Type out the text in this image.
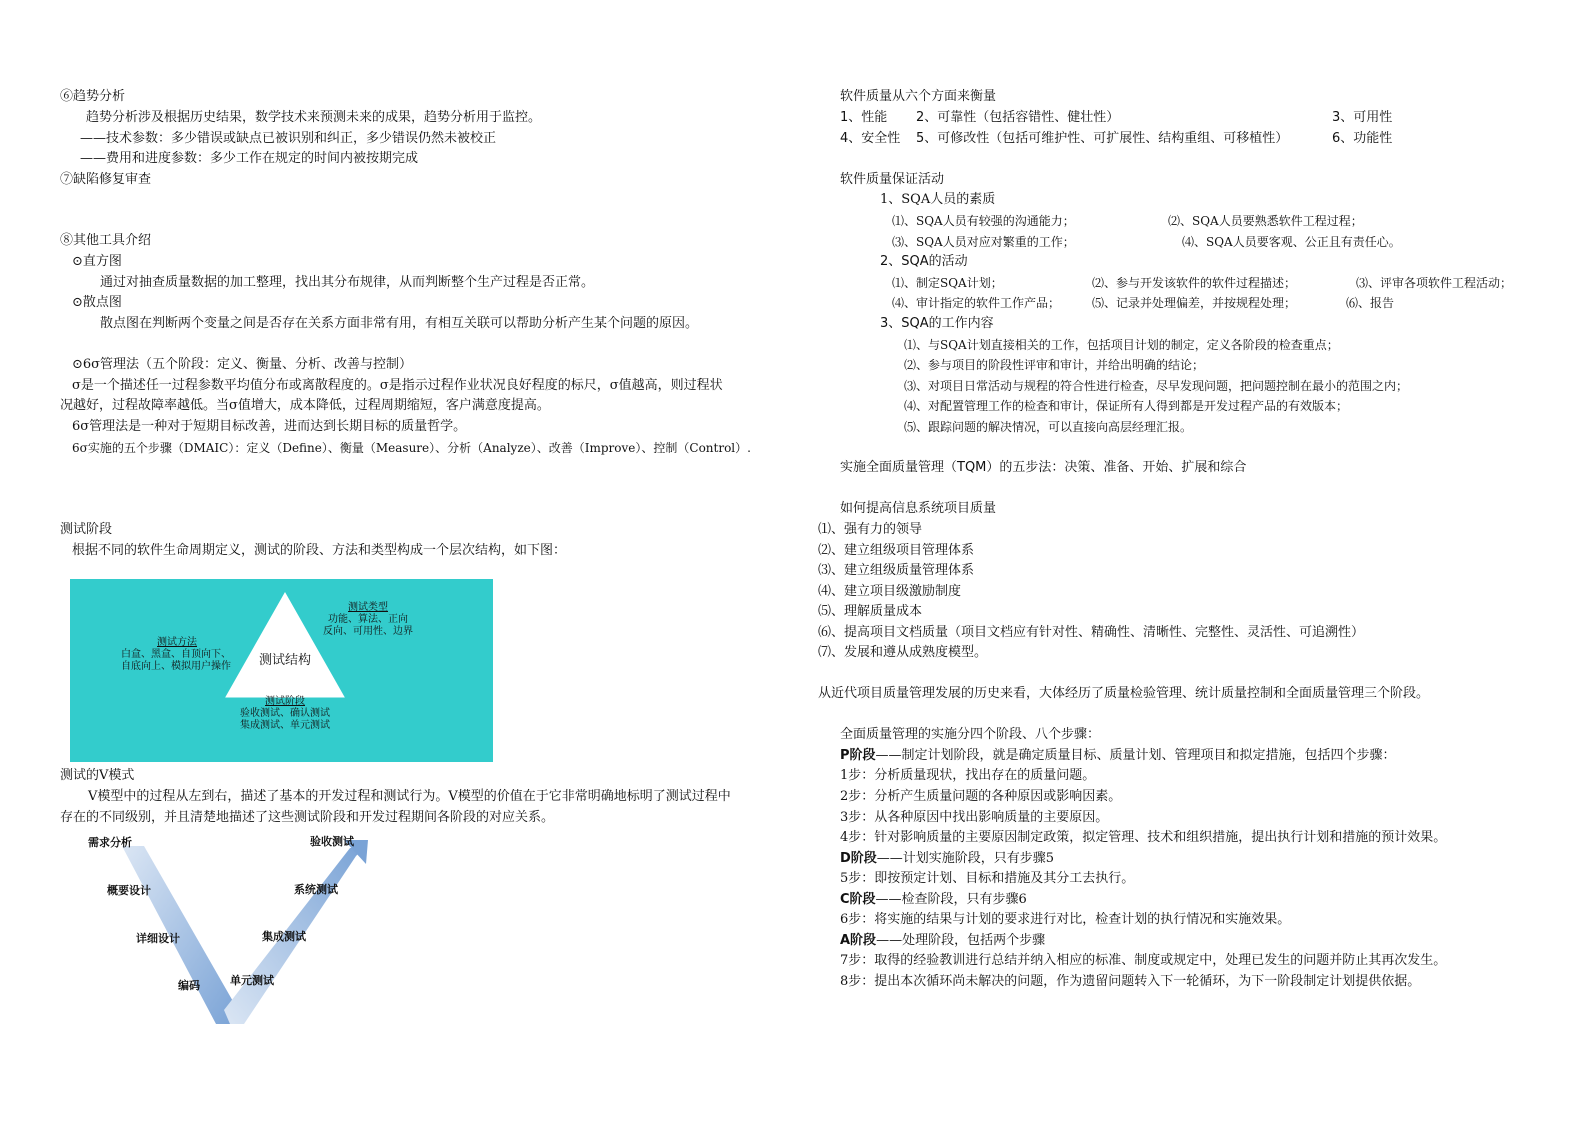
⑥趋势分析
趋势分析涉及根据历史结果，数学技术来预测未来的成果，趋势分析用于监控。
——技术参数：多少错误或缺点已被识别和纠正，多少错误仍然未被校正
——费用和进度参数：多少工作在规定的时间内被按期完成
⑦缺陷修复审查
⑧其他工具介绍
⊙直方图
通过对抽查质量数据的加工整理，找出其分布规律，从而判断整个生产过程是否正常。
⊙散点图
散点图在判断两个变量之间是否存在关系方面非常有用，有相互关联可以帮助分析产生某个问题的原因。
⊙6σ管理法（五个阶段：定义、衡量、分析、改善与控制）
σ是一个描述任一过程参数平均值分布或离散程度的。σ是指示过程作业状况良好程度的标尺，σ值越高，则过程状
况越好，过程故障率越低。当σ值增大，成本降低，过程周期缩短，客户满意度提高。
6σ管理法是一种对于短期目标改善，进而达到长期目标的质量哲学。
6σ实施的五个步骤（DMAIC）：定义（Define）、衡量（Measure）、分析（Analyze）、改善（Improve）、控制（Control）.
测试阶段
根据不同的软件生命周期定义，测试的阶段、方法和类型构成一个层次结构，如下图：
测试结构
测试类型
功能、算法、正向
反向、可用性、边界
测试方法
白盒、黑盒、自顶向下、
自底向上、模拟用户操作
测试阶段
验收测试、确认测试
集成测试、单元测试
测试的V模式
V模型中的过程从左到右，描述了基本的开发过程和测试行为。V模型的价值在于它非常明确地标明了测试过程中
存在的不同级别，并且清楚地描述了这些测试阶段和开发过程期间各阶段的对应关系。
需求分析
概要设计
详细设计
编码	单元测试
集成测试
系统测试
验收测试
软件质量从六个方面来衡量
1、性能 2、可靠性（包括容错性、健壮性）	3、可用性
4、安全性 5、可修改性（包括可维护性、可扩展性、结构重组、可移植性）	6、功能性
软件质量保证活动
1、SQA人员的素质
⑴、SQA人员有较强的沟通能力；	⑵、SQA人员要熟悉软件工程过程；
⑶、SQA人员对应对繁重的工作；	⑷、SQA人员要客观、公正且有责任心。
2、SQA的活动
⑴、制定SQA计划；	⑵、参与开发该软件的软件过程描述；	⑶、评审各项软件工程活动；
⑷、审计指定的软件工作产品；	⑸、记录并处理偏差，并按规程处理；	⑹、报告
3、SQA的工作内容
⑴、与SQA计划直接相关的工作，包括项目计划的制定，定义各阶段的检查重点；
⑵、参与项目的阶段性评审和审计，并给出明确的结论；
⑶、对项目日常活动与规程的符合性进行检查，尽早发现问题，把问题控制在最小的范围之内；
⑷、对配置管理工作的检查和审计，保证所有人得到都是开发过程产品的有效版本；
⑸、跟踪问题的解决情况，可以直接向高层经理汇报。
实施全面质量管理（TQM）的五步法：决策、准备、开始、扩展和综合
如何提高信息系统项目质量
⑴、强有力的领导
⑵、建立组级项目管理体系
⑶、建立组级质量管理体系
⑷、建立项目级激励制度
⑸、理解质量成本
⑹、提高项目文档质量（项目文档应有针对性、精确性、清晰性、完整性、灵活性、可追溯性）
⑺、发展和遵从成熟度模型。
从近代项目质量管理发展的历史来看，大体经历了质量检验管理、统计质量控制和全面质量管理三个阶段。
全面质量管理的实施分四个阶段、八个步骤：
P阶段——制定计划阶段，就是确定质量目标、质量计划、管理项目和拟定措施，包括四个步骤：
1步：分析质量现状，找出存在的质量问题。
2步：分析产生质量问题的各种原因或影响因素。
3步：从各种原因中找出影响质量的主要原因。
4步：针对影响质量的主要原因制定政策，拟定管理、技术和组织措施，提出执行计划和措施的预计效果。
D阶段——计划实施阶段，只有步骤5
5步：即按预定计划、目标和措施及其分工去执行。
C阶段——检查阶段，只有步骤6
6步：将实施的结果与计划的要求进行对比，检查计划的执行情况和实施效果。
A阶段——处理阶段，包括两个步骤
7步：取得的经验教训进行总结并纳入相应的标准、制度或规定中，处理已发生的问题并防止其再次发生。
8步：提出本次循环尚未解决的问题，作为遗留问题转入下一轮循环，为下一阶段制定计划提供依据。
